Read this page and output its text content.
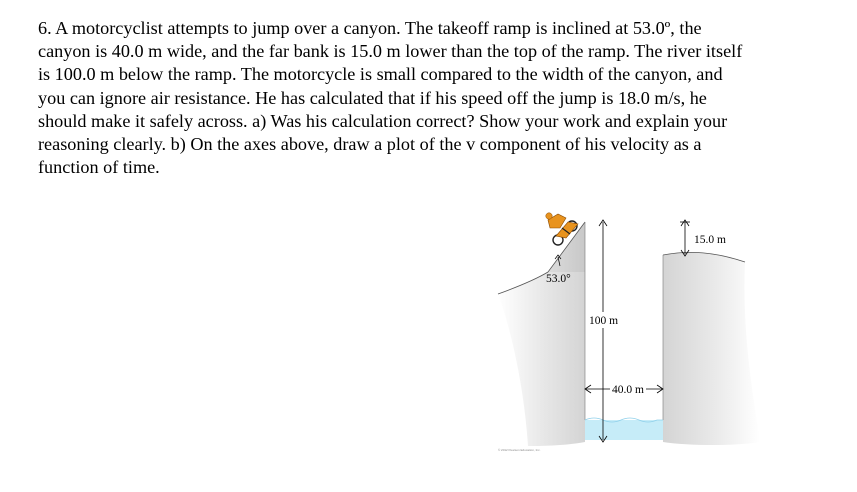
6. A motorcyclist attempts to jump over a canyon. The takeoff ramp is inclined at 53.0º, the
canyon is 40.0 m wide, and the far bank is 15.0 m lower than the top of the ramp. The river itself
is 100.0 m below the ramp. The motorcycle is small compared to the width of the canyon, and
you can ignore air resistance. He has calculated that if his speed off the jump is 18.0 m/s, he
should make it safely across. a) Was his calculation correct? Show your work and explain your
reasoning clearly. b) On the axes above, draw a plot of the v component of his velocity as a
function of time.
53.0°
100 m
40.0 m
15.0 m
© 2012 Pearson Education, Inc.
